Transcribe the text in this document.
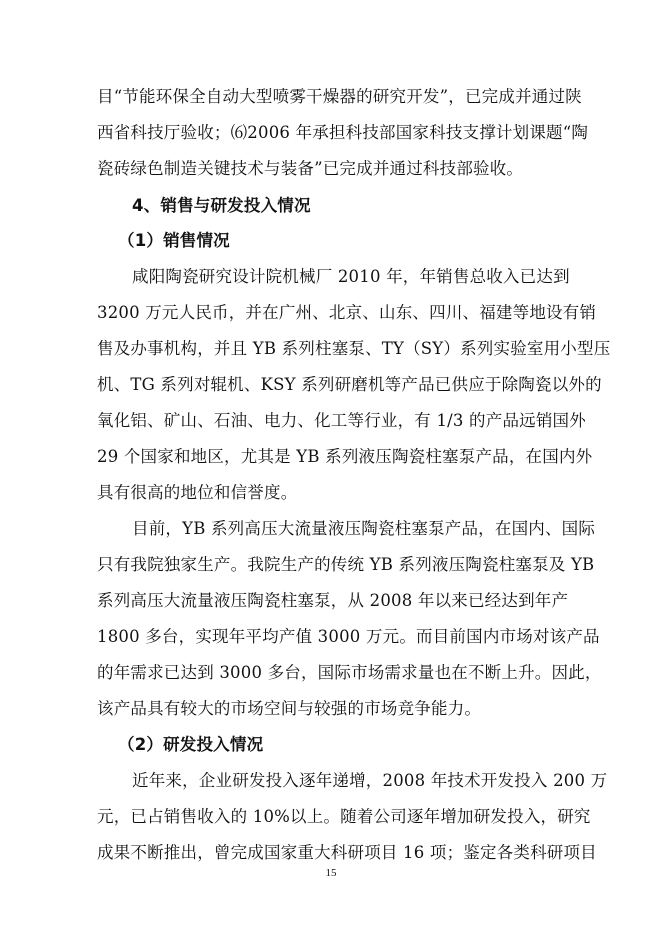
目“节能环保全自动大型喷雾干燥器的研究开发”，已完成并通过陕
西省科技厅验收；⑹2006 年承担科技部国家科技支撑计划课题“陶
瓷砖绿色制造关键技术与装备”已完成并通过科技部验收。
4、销售与研发投入情况
（1）销售情况
咸阳陶瓷研究设计院机械厂 2010 年，年销售总收入已达到
3200 万元人民币，并在广州、北京、山东、四川、福建等地设有销
售及办事机构，并且 YB 系列柱塞泵、TY（SY）系列实验室用小型压
机、TG 系列对辊机、KSY 系列研磨机等产品已供应于除陶瓷以外的
氧化铝、矿山、石油、电力、化工等行业，有 1/3 的产品远销国外
29 个国家和地区，尤其是 YB 系列液压陶瓷柱塞泵产品，在国内外
具有很高的地位和信誉度。
目前，YB 系列高压大流量液压陶瓷柱塞泵产品，在国内、国际
只有我院独家生产。我院生产的传统 YB 系列液压陶瓷柱塞泵及 YB
系列高压大流量液压陶瓷柱塞泵，从 2008 年以来已经达到年产
1800 多台，实现年平均产值 3000 万元。而目前国内市场对该产品
的年需求已达到 3000 多台，国际市场需求量也在不断上升。因此，
该产品具有较大的市场空间与较强的市场竞争能力。
（2）研发投入情况
近年来，企业研发投入逐年递增，2008 年技术开发投入 200 万
元，已占销售收入的 10%以上。随着公司逐年增加研发投入，研究
成果不断推出，曾完成国家重大科研项目 16 项；鉴定各类科研项目
15
